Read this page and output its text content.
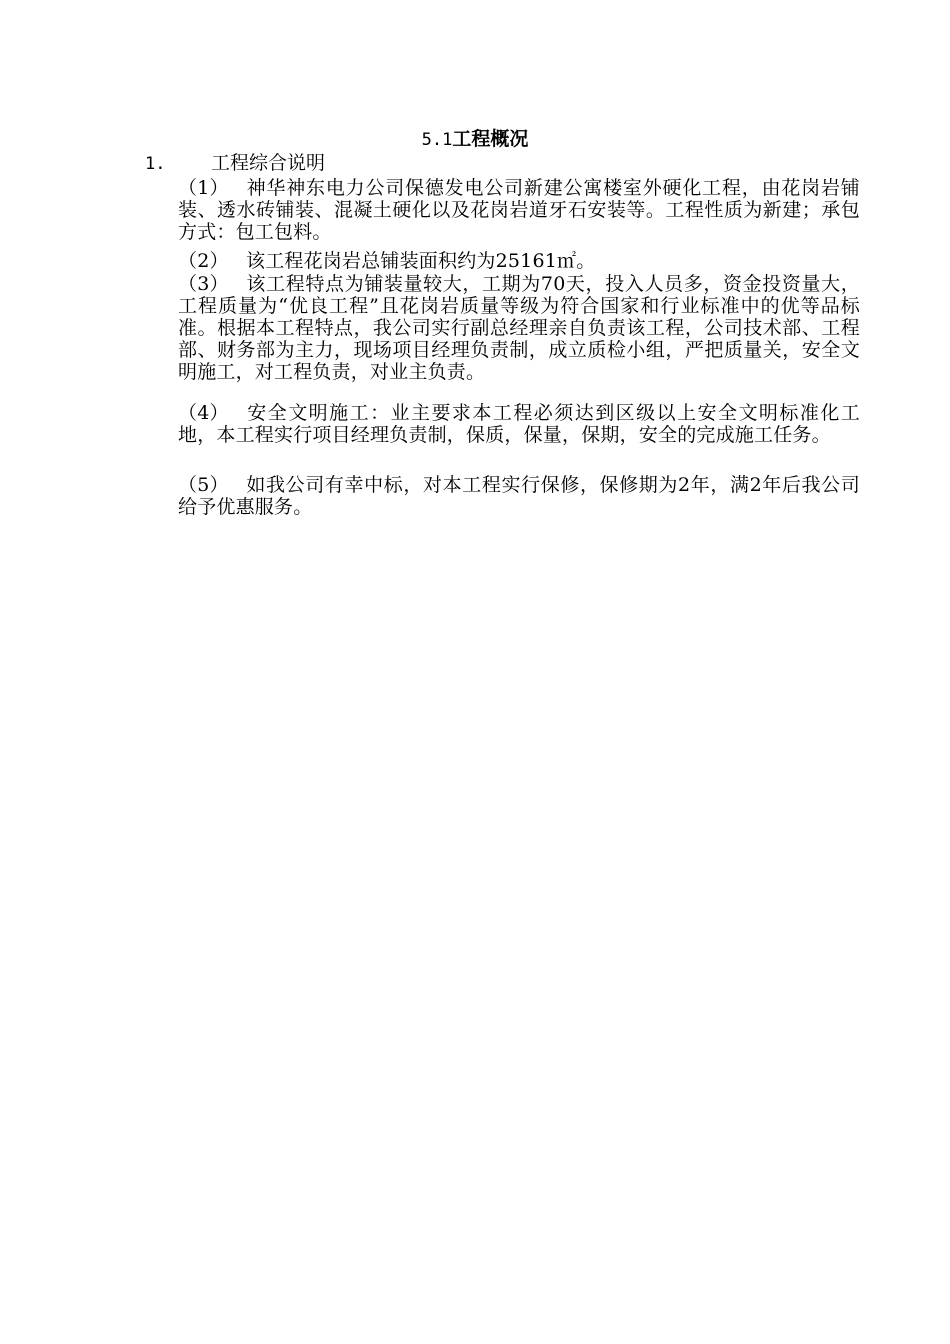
5.1工程概况
1. 工程综合说明
（1） 神华神东电力公司保德发电公司新建公寓楼室外硬化工程，由花岗岩铺装、透水砖铺装、混凝土硬化以及花岗岩道牙石安装等。工程性质为新建；承包方式：包工包料。
（2） 该工程花岗岩总铺装面积约为25161㎡。
（3） 该工程特点为铺装量较大，工期为70天，投入人员多，资金投资量大，工程质量为“优良工程”且花岗岩质量等级为符合国家和行业标准中的优等品标准。根据本工程特点，我公司实行副总经理亲自负责该工程，公司技术部、工程部、财务部为主力，现场项目经理负责制，成立质检小组，严把质量关，安全文明施工，对工程负责，对业主负责。
（4） 安全文明施工：业主要求本工程必须达到区级以上安全文明标准化工地，本工程实行项目经理负责制，保质，保量，保期，安全的完成施工任务。
（5） 如我公司有幸中标，对本工程实行保修，保修期为2年，满2年后我公司给予优惠服务。
